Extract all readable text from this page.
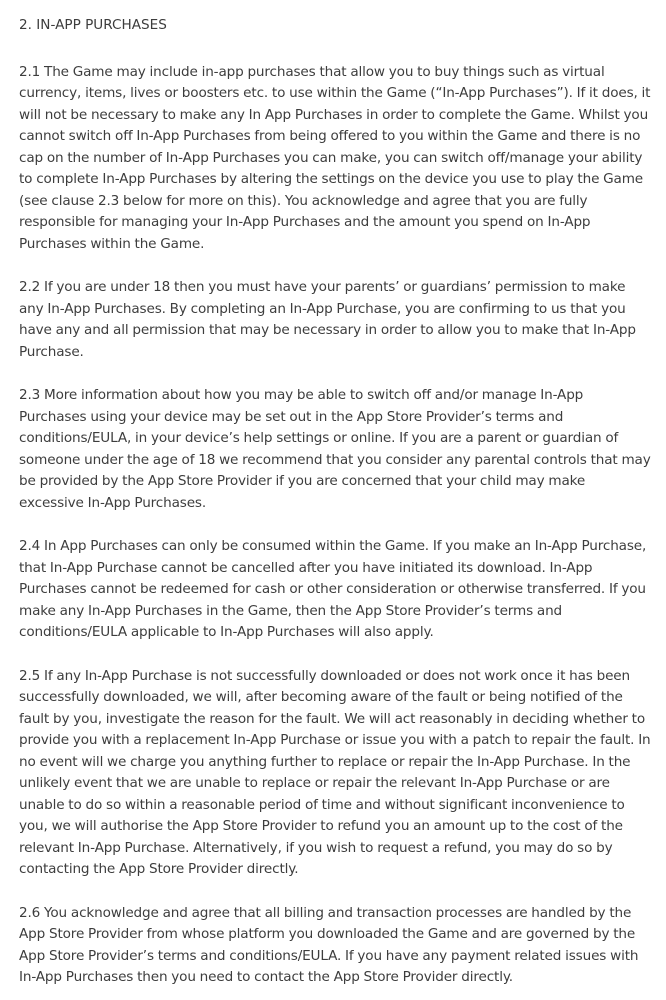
2. IN-APP PURCHASES

2.1 The Game may include in-app purchases that allow you to buy things such as virtual currency, items, lives or boosters etc. to use within the Game (“In-App Purchases”). If it does, it will not be necessary to make any In App Purchases in order to complete the Game. Whilst you cannot switch off In-App Purchases from being offered to you within the Game and there is no cap on the number of In-App Purchases you can make, you can switch off/manage your ability to complete In-App Purchases by altering the settings on the device you use to play the Game (see clause 2.3 below for more on this). You acknowledge and agree that you are fully responsible for managing your In-App Purchases and the amount you spend on In-App Purchases within the Game.

2.2 If you are under 18 then you must have your parents’ or guardians’ permission to make any In-App Purchases. By completing an In-App Purchase, you are confirming to us that you have any and all permission that may be necessary in order to allow you to make that In-App Purchase.

2.3 More information about how you may be able to switch off and/or manage In-App Purchases using your device may be set out in the App Store Provider’s terms and conditions/EULA, in your device’s help settings or online. If you are a parent or guardian of someone under the age of 18 we recommend that you consider any parental controls that may be provided by the App Store Provider if you are concerned that your child may make excessive In-App Purchases.

2.4 In App Purchases can only be consumed within the Game. If you make an In-App Purchase, that In-App Purchase cannot be cancelled after you have initiated its download. In-App Purchases cannot be redeemed for cash or other consideration or otherwise transferred. If you make any In-App Purchases in the Game, then the App Store Provider’s terms and conditions/EULA applicable to In-App Purchases will also apply.

2.5 If any In-App Purchase is not successfully downloaded or does not work once it has been successfully downloaded, we will, after becoming aware of the fault or being notified of the fault by you, investigate the reason for the fault. We will act reasonably in deciding whether to provide you with a replacement In-App Purchase or issue you with a patch to repair the fault. In no event will we charge you anything further to replace or repair the In-App Purchase. In the unlikely event that we are unable to replace or repair the relevant In-App Purchase or are unable to do so within a reasonable period of time and without significant inconvenience to you, we will authorise the App Store Provider to refund you an amount up to the cost of the relevant In-App Purchase. Alternatively, if you wish to request a refund, you may do so by contacting the App Store Provider directly.

2.6 You acknowledge and agree that all billing and transaction processes are handled by the App Store Provider from whose platform you downloaded the Game and are governed by the App Store Provider’s terms and conditions/EULA. If you have any payment related issues with In-App Purchases then you need to contact the App Store Provider directly.
